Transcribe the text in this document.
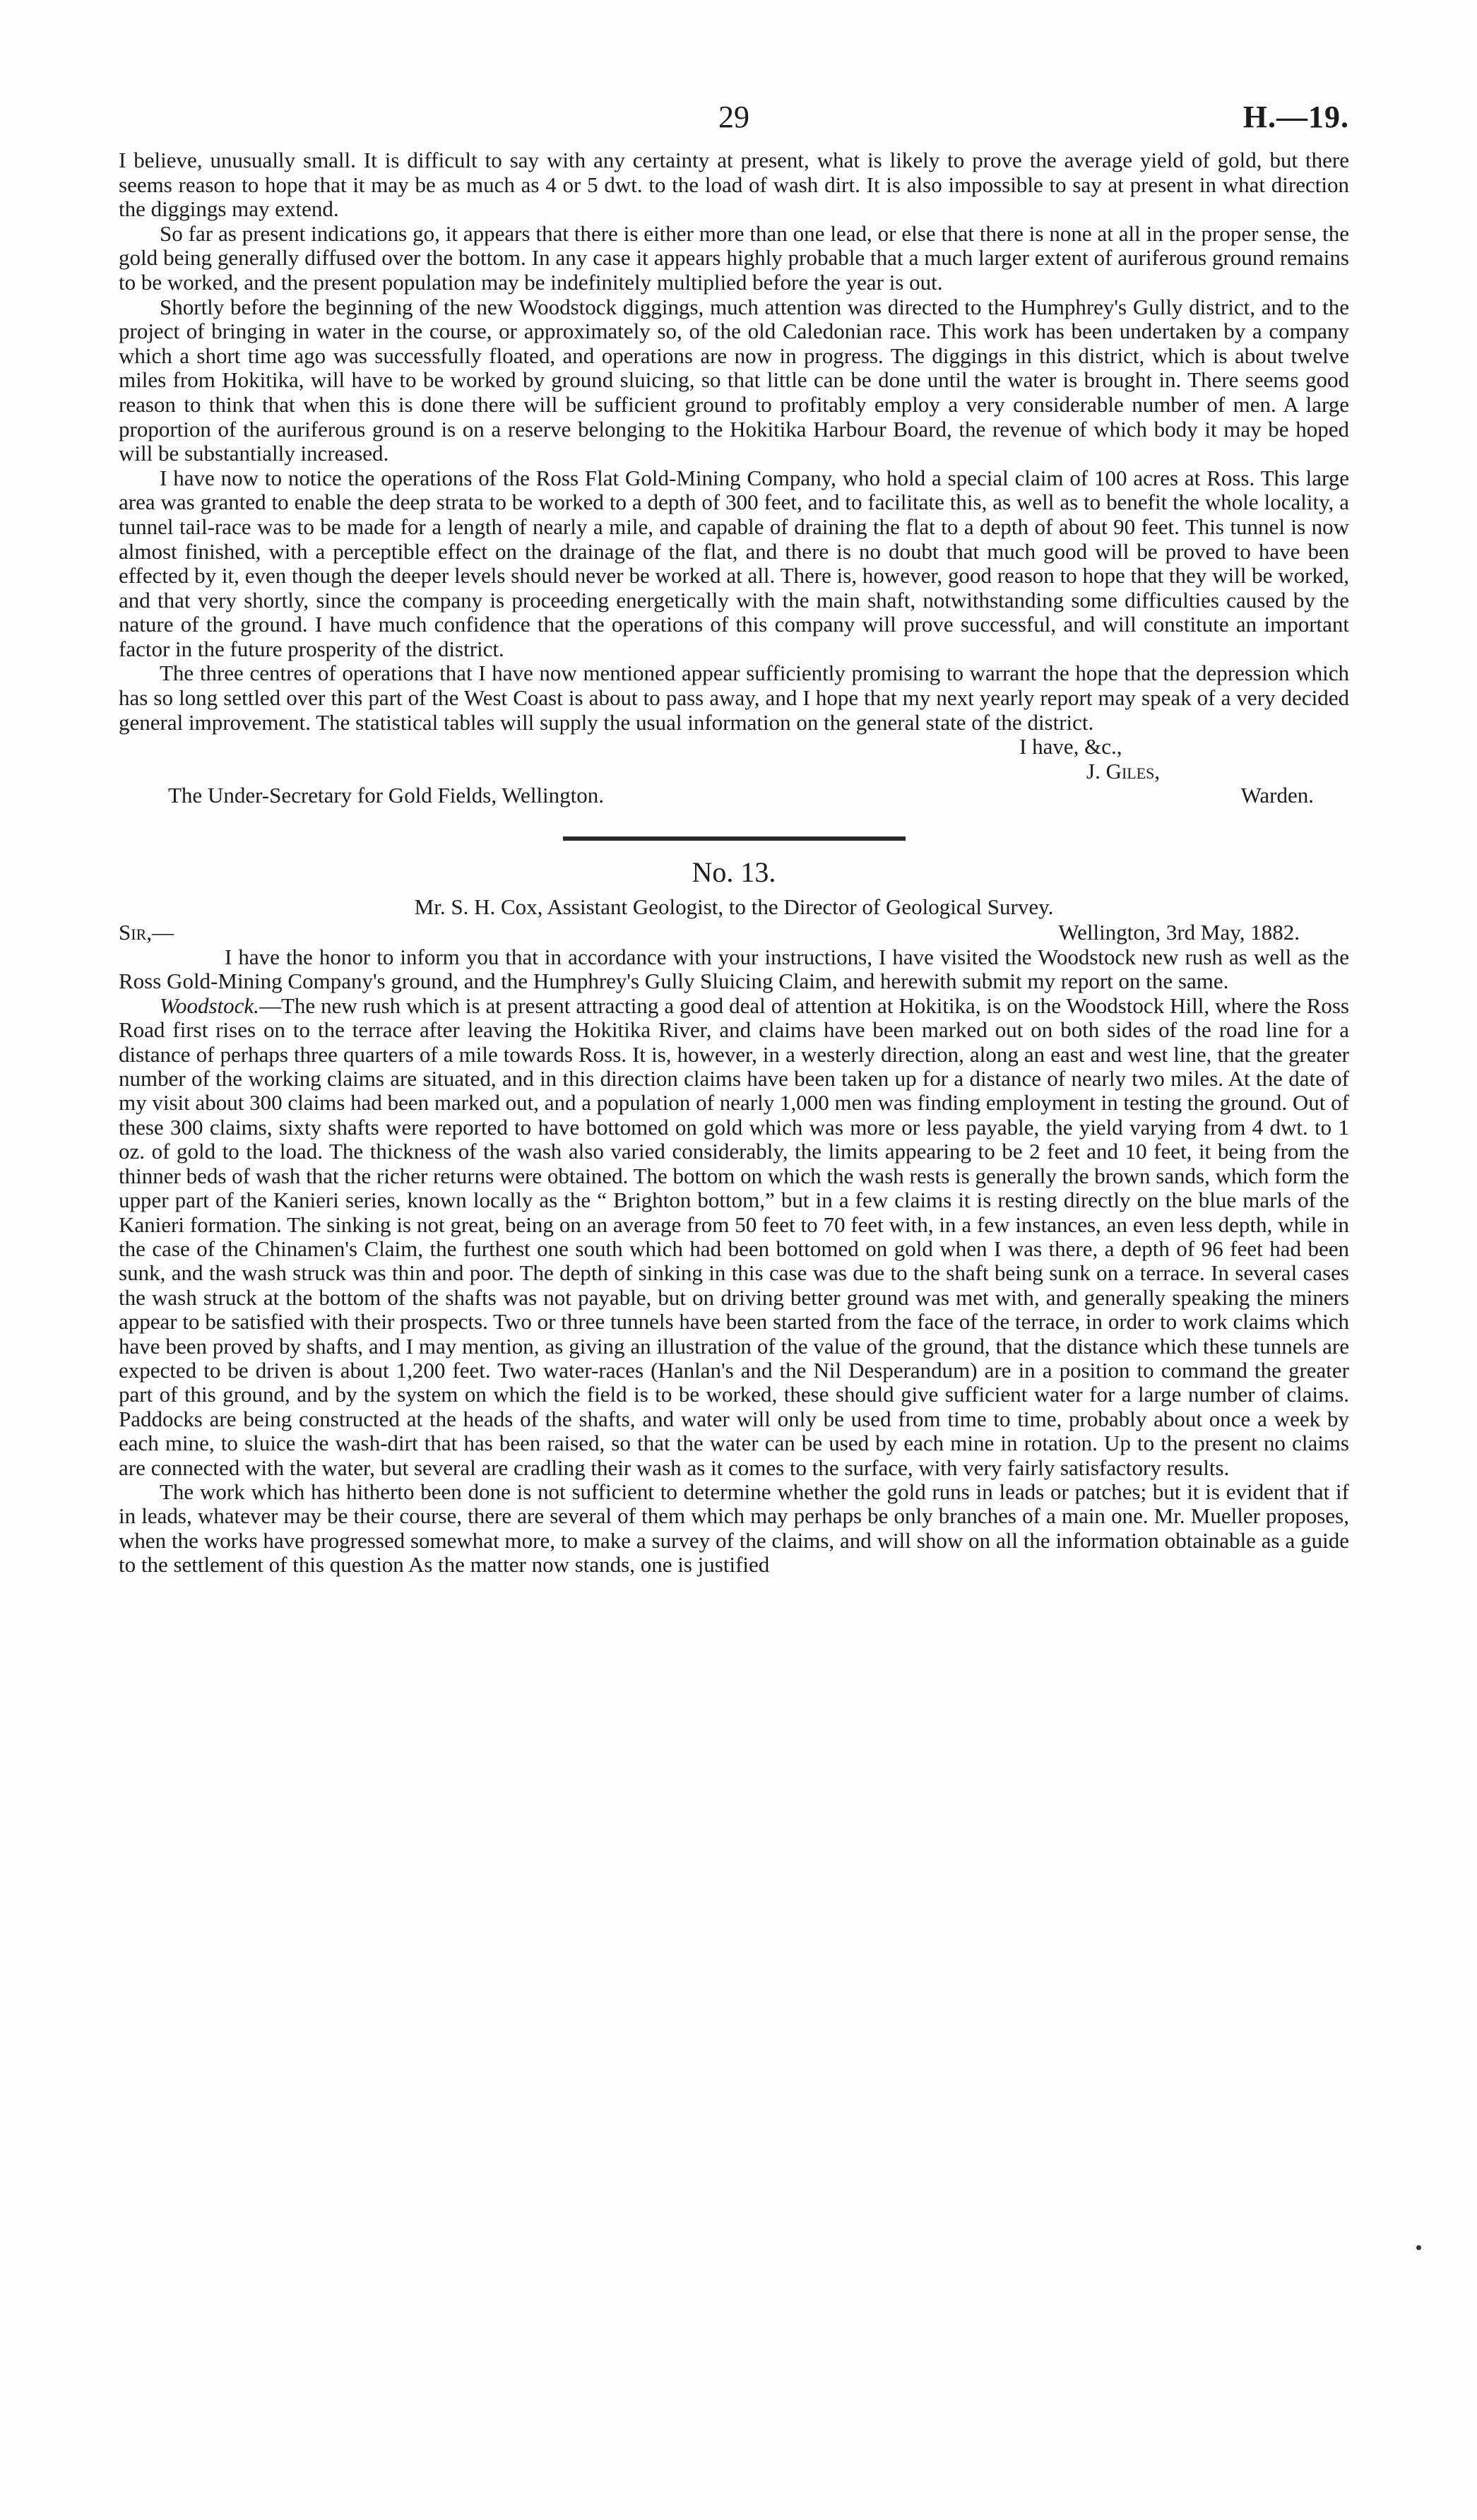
29	H.—19.

I believe, unusually small. It is difficult to say with any certainty at present, what is likely to prove the average yield of gold, but there seems reason to hope that it may be as much as 4 or 5 dwt. to the load of wash dirt. It is also impossible to say at present in what direction the diggings may extend.

So far as present indications go, it appears that there is either more than one lead, or else that there is none at all in the proper sense, the gold being generally diffused over the bottom. In any case it appears highly probable that a much larger extent of auriferous ground remains to be worked, and the present population may be indefinitely multiplied before the year is out.

Shortly before the beginning of the new Woodstock diggings, much attention was directed to the Humphrey's Gully district, and to the project of bringing in water in the course, or approximately so, of the old Caledonian race. This work has been undertaken by a company which a short time ago was successfully floated, and operations are now in progress. The diggings in this district, which is about twelve miles from Hokitika, will have to be worked by ground sluicing, so that little can be done until the water is brought in. There seems good reason to think that when this is done there will be sufficient ground to profitably employ a very considerable number of men. A large proportion of the auriferous ground is on a reserve belonging to the Hokitika Harbour Board, the revenue of which body it may be hoped will be substantially increased.

I have now to notice the operations of the Ross Flat Gold-Mining Company, who hold a special claim of 100 acres at Ross. This large area was granted to enable the deep strata to be worked to a depth of 300 feet, and to facilitate this, as well as to benefit the whole locality, a tunnel tail-race was to be made for a length of nearly a mile, and capable of draining the flat to a depth of about 90 feet. This tunnel is now almost finished, with a perceptible effect on the drainage of the flat, and there is no doubt that much good will be proved to have been effected by it, even though the deeper levels should never be worked at all. There is, however, good reason to hope that they will be worked, and that very shortly, since the company is proceeding energetically with the main shaft, notwithstanding some difficulties caused by the nature of the ground. I have much confidence that the operations of this company will prove successful, and will constitute an important factor in the future prosperity of the district.

The three centres of operations that I have now mentioned appear sufficiently promising to warrant the hope that the depression which has so long settled over this part of the West Coast is about to pass away, and I hope that my next yearly report may speak of a very decided general improvement. The statistical tables will supply the usual information on the general state of the district.

I have, &c.,
J. Giles,
The Under-Secretary for Gold Fields, Wellington.	Warden.
No. 13.
Mr. S. H. Cox, Assistant Geologist, to the Director of Geological Survey.
Sir,—	Wellington, 3rd May, 1882.

I have the honor to inform you that in accordance with your instructions, I have visited the Woodstock new rush as well as the Ross Gold-Mining Company's ground, and the Humphrey's Gully Sluicing Claim, and herewith submit my report on the same.

Woodstock.—The new rush which is at present attracting a good deal of attention at Hokitika, is on the Woodstock Hill, where the Ross Road first rises on to the terrace after leaving the Hokitika River, and claims have been marked out on both sides of the road line for a distance of perhaps three quarters of a mile towards Ross. It is, however, in a westerly direction, along an east and west line, that the greater number of the working claims are situated, and in this direction claims have been taken up for a distance of nearly two miles. At the date of my visit about 300 claims had been marked out, and a population of nearly 1,000 men was finding employment in testing the ground. Out of these 300 claims, sixty shafts were reported to have bottomed on gold which was more or less payable, the yield varying from 4 dwt. to 1 oz. of gold to the load. The thickness of the wash also varied considerably, the limits appearing to be 2 feet and 10 feet, it being from the thinner beds of wash that the richer returns were obtained. The bottom on which the wash rests is generally the brown sands, which form the upper part of the Kanieri series, known locally as the “ Brighton bottom,” but in a few claims it is resting directly on the blue marls of the Kanieri formation. The sinking is not great, being on an average from 50 feet to 70 feet with, in a few instances, an even less depth, while in the case of the Chinamen's Claim, the furthest one south which had been bottomed on gold when I was there, a depth of 96 feet had been sunk, and the wash struck was thin and poor. The depth of sinking in this case was due to the shaft being sunk on a terrace. In several cases the wash struck at the bottom of the shafts was not payable, but on driving better ground was met with, and generally speaking the miners appear to be satisfied with their prospects. Two or three tunnels have been started from the face of the terrace, in order to work claims which have been proved by shafts, and I may mention, as giving an illustration of the value of the ground, that the distance which these tunnels are expected to be driven is about 1,200 feet. Two water-races (Hanlan's and the Nil Desperandum) are in a position to command the greater part of this ground, and by the system on which the field is to be worked, these should give sufficient water for a large number of claims. Paddocks are being constructed at the heads of the shafts, and water will only be used from time to time, probably about once a week by each mine, to sluice the wash-dirt that has been raised, so that the water can be used by each mine in rotation. Up to the present no claims are connected with the water, but several are cradling their wash as it comes to the surface, with very fairly satisfactory results.

The work which has hitherto been done is not sufficient to determine whether the gold runs in leads or patches; but it is evident that if in leads, whatever may be their course, there are several of them which may perhaps be only branches of a main one. Mr. Mueller proposes, when the works have progressed somewhat more, to make a survey of the claims, and will show on all the information obtainable as a guide to the settlement of this question As the matter now stands, one is justified
